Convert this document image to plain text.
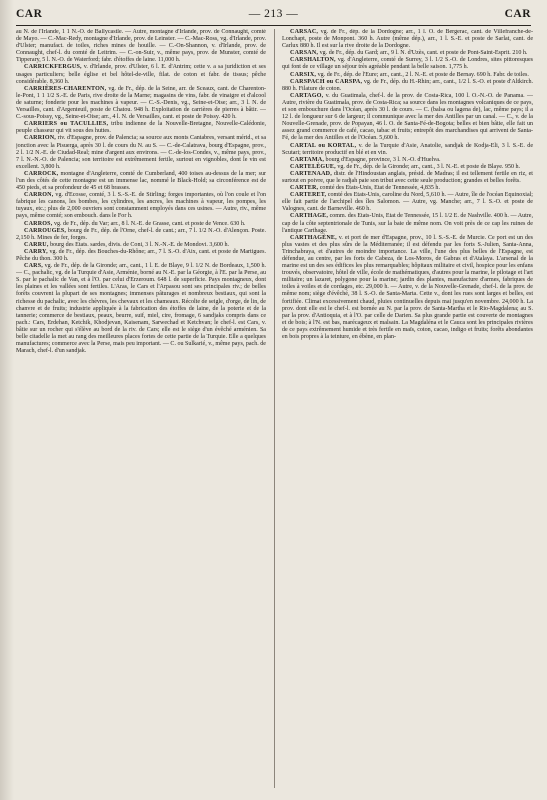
CAR	— 213 —	CAR

au N. de l'Irlande, 1 1 N.-O. de Ballycastle. — Autre, montagne d'Irlande, prov. de Connaught, comté de Mayo. — C.-Mac-Redy, montagne d'Irlande, prov. de Leinster. — C.-Mac-Ross, vg. d'Irlande, prov. d'Ulster; manufact. de toiles, riches mines de houille. — C.-On-Shannon, v. d'Irlande, prov. de Connaught, chef-l. du comté de Leitrim. — C.-on-Suir, v., même pays, prov. de Munster, comté de Tipperary, 5 l. N.-O. de Waterford; fabr. d'étoffes de laine. 11,000 h.

CARRICKFERGUS, v. d'Irlande, prov. d'Ulster, 6 l. E. d'Antrim; cette v. a sa juridiction et ses usages particuliers; belle église et bel hôtel-de-ville, filat. de coton et fabr. de tissus; pêche considérable. 8,360 h.

CARRIÈRES-CHARENTON, vg. de Fr., dép. de la Seine, arr. de Sceaux, cant. de Charenton-le-Pont, 1 1 1/2 S.-E. de Paris, rive droite de la Marne; magasins de vins, fabr. de vinaigre et d'alcool de saturne; fonderie pour les machines à vapeur. — C.-S.-Denis, vg., Seine-et-Oise; arr., 3 l. N. de Versailles, cant. d'Argenteuil, poste de Chatou. 948 h. Exploitation de carrières de pierres à bâtir. — C.-sous-Poissy, vg., Seine-et-Oise; arr., 4 l. N. de Versailles, cant. et poste de Poissy. 420 h.

CARRIERS ou TACULLIES, tribu indienne de la Nouvelle-Bretagne, Nouvelle-Calédonie, peuple chasseur qui vit sous des huttes.

CARRION, riv. d'Espagne, prov. de Palencia; sa source aux monts Cantabres, versant mérid., et sa jonction avec la Pisuerga, après 30 l. de cours du N. au S. — C.-de-Calatrava, bourg d'Espagne, prov., 2 l. 1/2 N.-E. de Ciudad-Real; mine d'argent aux environs. — C.-de-los-Condes, v., même pays, prov., 7 l. N.-N.-O. de Palencia; son territoire est extrêmement fertile, surtout en vignobles, dont le vin est excellent. 3,800 h.

CARROCK, montagne d'Angleterre, comté de Cumberland, 400 toises au-dessus de la mer; sur l'un des côtés de cette montagne est un immense lac, nommé le Black-Hold; sa circonférence est de 450 pieds, et sa profondeur de 45 et 68 brasses.

CARRON, vg. d'Ecosse, comté, 3 l. S.-S.-E. de Stirling; forges importantes, où l'on coule et l'on fabrique les canons, les bombes, les cylindres, les ancres, les machines à vapeur, les pompes, les tuyaux, etc.; plus de 2,000 ouvriers sont constamment employés dans ces usines. — Autre, riv., même pays, même comté; son embouch. dans le For h.

CARROS, vg. de Fr., dép. du Var; arr., 8 l. N.-E. de Grasse, cant. et poste de Vence. 630 h.

CARROUGES, bourg de Fr., dép. de l'Orne, chef-l. de cant.; arr., 7 l. 1/2 N.-O. d'Alençon. Poste. 2,150 h. Mines de fer, forges.

CARRU, bourg des Etats. sardes, divis. de Coni, 3 l. N.-N.-E. de Mondovi. 3,600 h.

CARRY, vg. de Fr., dép. des Bouches-du-Rhône; arr., 7 l. S.-O. d'Aix, cant. et poste de Martigues. Pêche du thon. 300 h.

CARS, vg. de Fr., dép. de la Gironde; arr., cant., 1 l. E. de Blaye, 9 l. 1/2 N. de Bordeaux, 1,500 h. — C., pachalic, vg. de la Turquie d'Asie, Arménie, borné au N.-E. par la Géorgie, à l'E. par la Perse, au S. par le pachalic de Van, et à l'O. par celui d'Erzeroum. 648 l. de superficie. Pays montagneux, dont les plaines et les vallées sont fertiles. L'Aras, le Cars et l'Arpasou sont ses principales riv.; de belles forêts couvrent la plupart de ses montagnes; immenses pâturages et nombreux bestiaux, qui sont la richesse du pachalic, avec les chèvres, les chevaux et les chameaux. Récolte de seigle, d'orge, de lin, de chanvre et de fruits; industrie appliquée à la fabrication des étoffes de laine, de la poterie et de la tannerie; commerce de bestiaux, peaux, beurre, suif, miel, cire, fromage, 6 sandjaks compris dans ce pach.: Cars, Erdehan, Ketchik, Khodjevan, Kaisenam, Sarwechad et Ketchvan; le chef-l. est Cars, v. bâtie sur un rocher qui s'élève au bord de la riv. de Cars; elle est le siège d'un évêché arménien. Sa belle citadelle la met au rang des meilleures places fortes de cette partie de la Turquie. Elle a quelques manufactures; commerce avec la Perse, mais peu important. — C. ou Sulkarié, v., même pays, pach. de Marach, chef-l. d'un sandjak.

CARSAC, vg. de Fr., dép. de la Dordogne; arr., 1 l. O. de Bergerac, cant. de Villefranche-de-Lonchapt, poste de Monpont. 360 h. Autre (même dép.), arr., 1 l. S.-E. et poste de Sarlat, cant. de Carlux 880 h. Il est sur la rive droite de la Dordogne.

CARSAN, vg. de Fr., dép. du Gard; arr., 9 l. N. d'Uzès, cant. et poste de Pont-Saint-Esprit. 210 h.

CARSHALTON, vg. d'Angleterre, comté de Surrey, 3 l. 1/2 S.-O. de Londres, sites pittoresques qui font de ce village un séjour très agréable pendant la belle saison. 1,775 h.

CARSIX, vg. de Fr., dép. de l'Eure; arr., cant., 2 l. N.-E. et poste de Bernay. 690 h. Fabr. de toiles.

CARSPACH ou CARSPA, vg. de Fr., dép. du H.-Rhin; arr., cant., 1/2 l. S.-O. et poste d'Altkirch. 880 h. Filature de coton.

CARTAGO, v. du Guatimala, chef-l. de la prov. de Costa-Rica, 100 l. O.-N.-O. de Panama. — Autre, rivière du Guatimala, prov. de Costa-Rica; sa source dans les montagnes volcaniques de ce pays, et son embouchure dans l'Océan, après 30 l. de cours. — C. (balsa ou lagena de), lac, même pays; il a 12 l. de longueur sur 6 de largeur; il communique avec la mer des Antilles par un canal. — C., v. de la Nouvelle-Grenade, prov. de Popayan, 46 l. O. de Santa-Fé-de-Bogota; belles et bien bâtie, elle fait un assez grand commerce de café, cacao, tabac et fruits; entrepôt des marchandises qui arrivent de Santa-Fé, de la mer des Antilles et de l'Océan. 5,600 h.

CARTAL ou KORTAL, v. de la Turquie d'Asie, Anatolie, sandjak de Kodja-Eli, 3 l. S.-E. de Scutari; territoire productif en blé et en vin.

CARTAMA, bourg d'Espagne, province, 3 l. N.-O. d'Huelva.

CARTELÈGUE, vg. de Fr., dép. de la Gironde; arr., cant., 3 l. N.-E. et poste de Blaye. 950 h.

CARTENAAD, distr. de l'Hindoustan anglais, présid. de Madras; il est tellement fertile en riz, et surtout en poivre, que le radjah paie son tribut avec cette seule production; grandes et belles forêts.

CARTER, comté des Etats-Unis, Etat de Tennessée, 4,835 h.

CARTERET, comté des Etats-Unis, caroline du Nord, 5,610 h. — Autre, île de l'océan Equinoxial; elle fait partie de l'archipel des îles Salomon. — Autre, vg. Manche; arr., 7 l. S.-O. et poste de Valognes, cant. de Barneville. 460 h.

CARTHAGE, comm. des Etats-Unis, Etat de Tennessée, 15 l. 1/2 E. de Nashville. 400 h. — Autre, cap de la côte septentrionale de Tunis, sur la baie de même nom. On voit près de ce cap les ruines de l'antique Carthage.

CARTHAGÈNE, v. et port de mer d'Espagne, prov., 10 l. S.-S.-E. de Murcie. Ce port est un des plus vastes et des plus sûrs de la Méditerranée; il est défendu par les forts S.-Julien, Santa-Anna, Trinchabraya, et d'autres de moindre importance. La ville, l'une des plus belles de l'Espagne, est défendue, au centre, par les forts de Cabeza, de Los-Moros, de Gabras et d'Atalaya. L'arsenal de la marine est un des ses édifices les plus remarquables; hôpitaux militaire et civil, hospice pour les enfans trouvés, observatoire, hôtel de ville, école de mathématiques, d'autres pour la marine, le pilotage et l'art militaire; un lazaret, polygone pour la marine; jardin des plantes, manufacture d'armes, fabriques de toiles à voiles et de cordages, etc. 29,000 h. — Autre, v. de la Nouvelle-Grenade, chef-l. de la prov. de même nom; siège d'évêché, 38 l. S.-O. de Santa-Marta. Cette v., dont les rues sont larges et belles, est fortifiée. Climat excessivement chaud, pluies continuelles depuis mai jusqu'en novembre. 24,000 h. La prov. dont elle est le chef-l. est bornée au N. par la prov. de Santa-Martha et le Rio-Magdalena; au S. par la prov. d'Antioquia, et à l'O. par celle de Darien. Sa plus grande partie est couverte de montagnes et de bois; à l'N. est bas, marécageux et malsain. La Magdaléna et le Cauca sont les principales rivières de ce pays extrêmement humide et très fertile en maïs, coton, cacao, indigo et fruits; forêts abondantes en bois propres à la teinture, en ébène, en plan-
